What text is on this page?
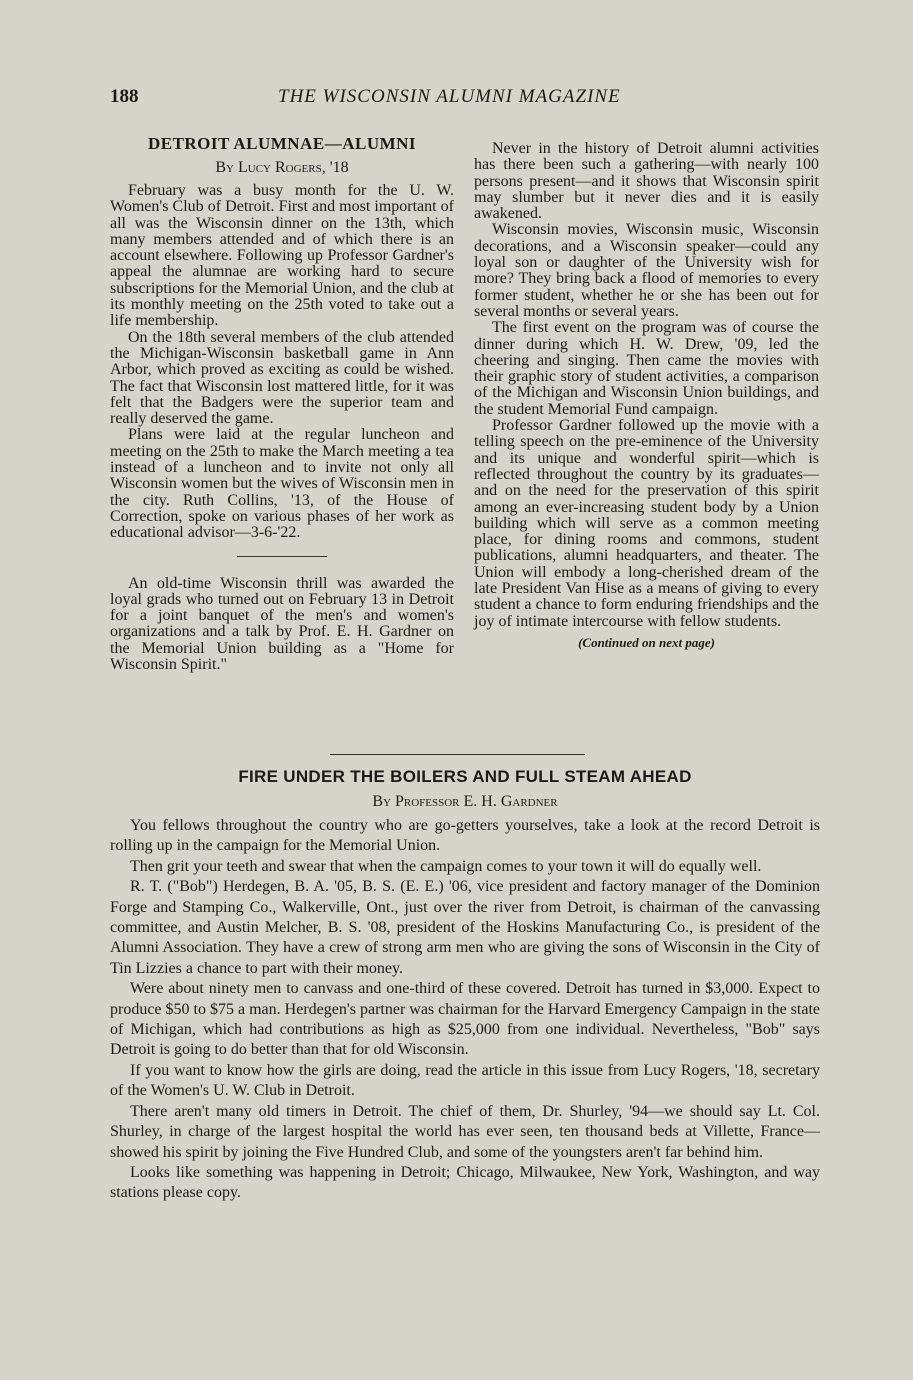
188	THE WISCONSIN ALUMNI MAGAZINE
DETROIT ALUMNAE—ALUMNI
By Lucy Rogers, '18

February was a busy month for the U. W. Women's Club of Detroit. First and most important of all was the Wisconsin dinner on the 13th, which many members attended and of which there is an account elsewhere. Following up Professor Gardner's appeal the alumnae are working hard to secure subscriptions for the Memorial Union, and the club at its monthly meeting on the 25th voted to take out a life membership.

On the 18th several members of the club attended the Michigan-Wisconsin basketball game in Ann Arbor, which proved as exciting as could be wished. The fact that Wisconsin lost mattered little, for it was felt that the Badgers were the superior team and really deserved the game.

Plans were laid at the regular luncheon and meeting on the 25th to make the March meeting a tea instead of a luncheon and to invite not only all Wisconsin women but the wives of Wisconsin men in the city. Ruth Collins, '13, of the House of Correction, spoke on various phases of her work as educational advisor—3-6-'22.

An old-time Wisconsin thrill was awarded the loyal grads who turned out on February 13 in Detroit for a joint banquet of the men's and women's organizations and a talk by Prof. E. H. Gardner on the Memorial Union building as a "Home for Wisconsin Spirit."

Never in the history of Detroit alumni activities has there been such a gathering—with nearly 100 persons present—and it shows that Wisconsin spirit may slumber but it never dies and it is easily awakened.

Wisconsin movies, Wisconsin music, Wisconsin decorations, and a Wisconsin speaker—could any loyal son or daughter of the University wish for more? They bring back a flood of memories to every former student, whether he or she has been out for several months or several years.

The first event on the program was of course the dinner during which H. W. Drew, '09, led the cheering and singing. Then came the movies with their graphic story of student activities, a comparison of the Michigan and Wisconsin Union buildings, and the student Memorial Fund campaign.

Professor Gardner followed up the movie with a telling speech on the pre-eminence of the University and its unique and wonderful spirit—which is reflected throughout the country by its graduates—and on the need for the preservation of this spirit among an ever-increasing student body by a Union building which will serve as a common meeting place, for dining rooms and commons, student publications, alumni headquarters, and theater. The Union will embody a long-cherished dream of the late President Van Hise as a means of giving to every student a chance to form enduring friendships and the joy of intimate intercourse with fellow students.

(Continued on next page)
FIRE UNDER THE BOILERS AND FULL STEAM AHEAD
By Professor E. H. Gardner

You fellows throughout the country who are go-getters yourselves, take a look at the record Detroit is rolling up in the campaign for the Memorial Union.

Then grit your teeth and swear that when the campaign comes to your town it will do equally well.

R. T. ("Bob") Herdegen, B. A. '05, B. S. (E. E.) '06, vice president and factory manager of the Dominion Forge and Stamping Co., Walkerville, Ont., just over the river from Detroit, is chairman of the canvassing committee, and Austin Melcher, B. S. '08, president of the Hoskins Manufacturing Co., is president of the Alumni Association. They have a crew of strong arm men who are giving the sons of Wisconsin in the City of Tin Lizzies a chance to part with their money.

Were about ninety men to canvass and one-third of these covered. Detroit has turned in $3,000. Expect to produce $50 to $75 a man. Herdegen's partner was chairman for the Harvard Emergency Campaign in the state of Michigan, which had contributions as high as $25,000 from one individual. Nevertheless, "Bob" says Detroit is going to do better than that for old Wisconsin.

If you want to know how the girls are doing, read the article in this issue from Lucy Rogers, '18, secretary of the Women's U. W. Club in Detroit.

There aren't many old timers in Detroit. The chief of them, Dr. Shurley, '94—we should say Lt. Col. Shurley, in charge of the largest hospital the world has ever seen, ten thousand beds at Villette, France—showed his spirit by joining the Five Hundred Club, and some of the youngsters aren't far behind him.

Looks like something was happening in Detroit; Chicago, Milwaukee, New York, Washington, and way stations please copy.
